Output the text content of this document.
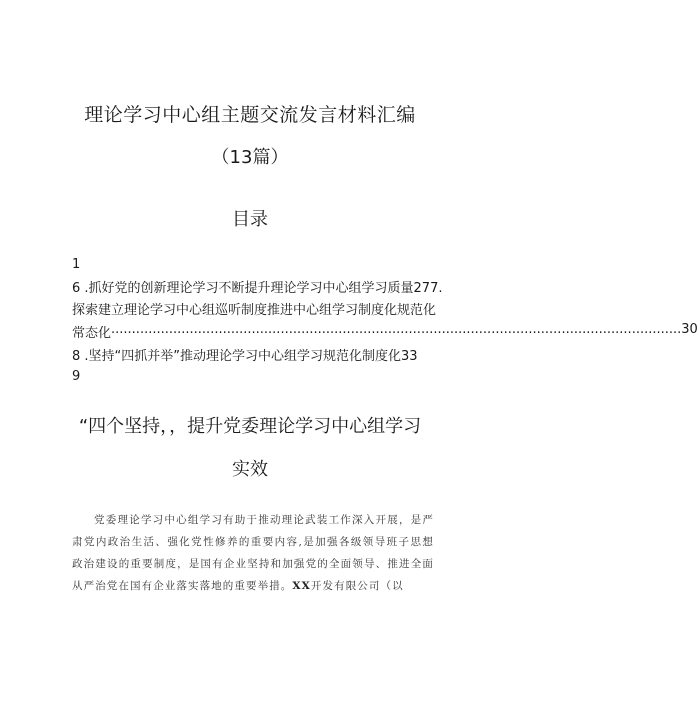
理论学习中心组主题交流发言材料汇编
（13篇）
目录
1
6 .抓好党的创新理论学习不断提升理论学习中心组学习质量277.
探索建立理论学习中心组巡听制度推进中心组学习制度化规范化
常态化 .......................................................................................................................................... 30
8 .坚持“四抓并举”推动理论学习中心组学习规范化制度化33
9
“四个坚持，，提升党委理论学习中心组学习
实效
党委理论学习中心组学习有助于推动理论武装工作深入开展，是严肃党内政治生活、强化党性修养的重要内容,是加强各级领导班子思想政治建设的重要制度，是国有企业坚持和加强党的全面领导、推进全面从严治党在国有企业落实落地的重要举措。XX开发有限公司（以
